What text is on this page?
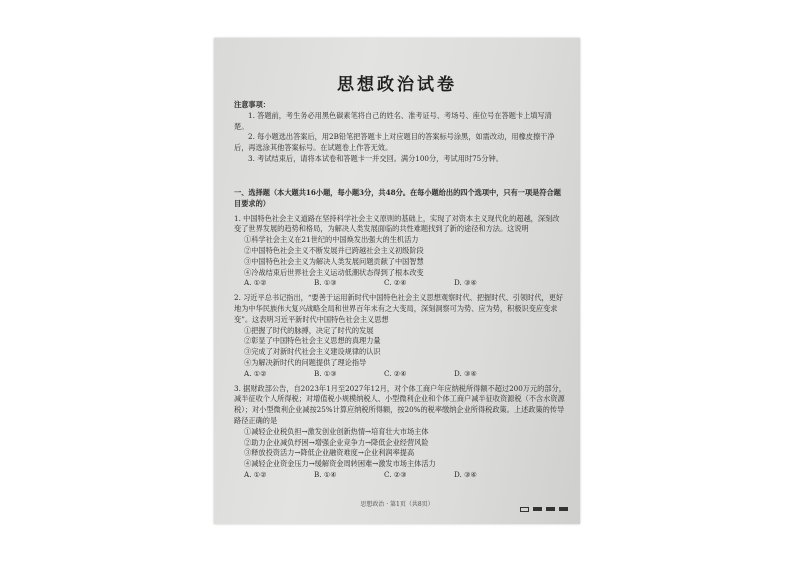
思想政治试卷
注意事项：
1. 答题前，考生务必用黑色碳素笔将自己的姓名、准考证号、考场号、座位号在答题卡上填写清楚。
2. 每小题选出答案后，用2B铅笔把答题卡上对应题目的答案标号涂黑，如需改动，用橡皮擦干净后，再选涂其他答案标号。在试题卷上作答无效。
3. 考试结束后，请将本试卷和答题卡一并交回。满分100分，考试用时75分钟。
一、选择题（本大题共16小题，每小题3分，共48分。在每小题给出的四个选项中，只有一项是符合题目要求的）
1. 中国特色社会主义道路在坚持科学社会主义原则的基础上，实现了对资本主义现代化的超越，深刻改变了世界发展的趋势和格局，为解决人类发展面临的共性难题找到了新的途径和方法。这说明
①科学社会主义在21世纪的中国焕发出强大的生机活力
②中国特色社会主义不断发展并已跨越社会主义初级阶段
③中国特色社会主义为解决人类发展问题贡献了中国智慧
④冷战结束后世界社会主义运动低潮状态得到了根本改变
A. ①②	B. ①③	C. ②④	D. ③④
2. 习近平总书记指出，“要善于运用新时代中国特色社会主义思想观察时代、把握时代、引领时代，更好地为中华民族伟大复兴战略全局和世界百年未有之大变局，深刻洞察可为势、应为势，积极识变应变求变”。这表明习近平新时代中国特色社会主义思想
①把握了时代的脉搏，决定了时代的发展
②彰显了中国特色社会主义思想的真理力量
③完成了对新时代社会主义建设规律的认识
④为解决新时代的问题提供了理论指导
A. ①②	B. ①③	C. ②④	D. ③④
3. 据财政部公告，自2023年1月至2027年12月，对个体工商户年应纳税所得额不超过200万元的部分，减半征收个人所得税；对增值税小规模纳税人、小型微利企业和个体工商户减半征收资源税（不含水资源税）；对小型微利企业减按25%计算应纳税所得额，按20%的税率缴纳企业所得税政策。上述政策的传导路径正确的是
①减轻企业税负担→激发创业创新热情→培育壮大市场主体
②助力企业减负纾困→增强企业竞争力→降低企业经营风险
③释放投资活力→降低企业融资难度→企业利润率提高
④减轻企业资金压力→缓解资金周转困难→激发市场主体活力
A. ①②	B. ①④	C. ②③	D. ③④
思想政治 · 第1页（共8页）
